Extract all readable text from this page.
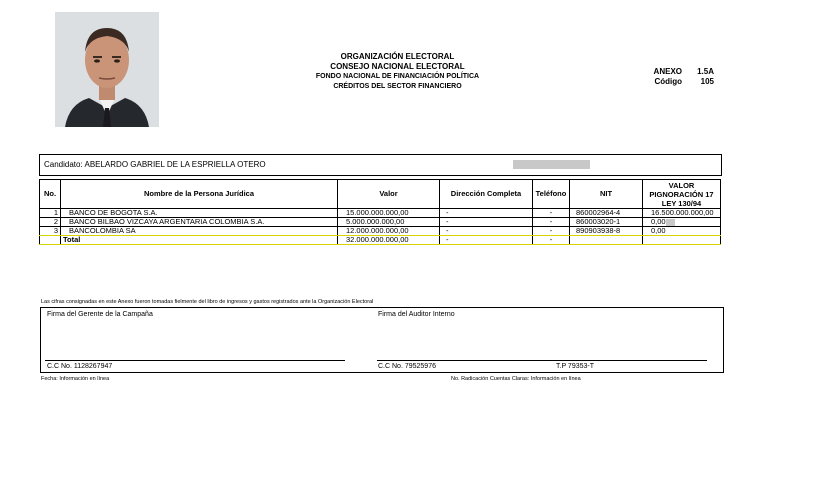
ORGANIZACIÓN ELECTORAL
CONSEJO NACIONAL ELECTORAL
FONDO NACIONAL DE FINANCIACIÓN POLÍTICA
CRÉDITOS DEL SECTOR FINANCIERO
ANEXO	1.5A
Código	105
Candidato: ABELARDO GABRIEL DE LA ESPRIELLA OTERO
No.	Nombre de la Persona Jurídica	Valor	Dirección Completa	Teléfono	NIT	VALOR PIGNORACIÓN 17 LEY 130/94
1	BANCO DE BOGOTA S.A.	15.000.000.000,00	-	-	860002964-4	16.500.000.000,00
2	BANCO BILBAO VIZCAYA ARGENTARIA COLOMBIA S.A.	5.000.000.000,00	-	-	860003020-1	0,00
3	BANCOLOMBIA SA	12.000.000.000,00	-	-	890903938-8	0,00
	Total	32.000.000.000,00	-	-		
Las cifras consignadas en este Anexo fueron tomadas fielmente del libro de ingresos y gastos registrados ante la Organización Electoral
Firma del Gerente de la Campaña	Firma del Auditor Interno
C.C No. 1128267947	C.C No. 79525976	T.P 79353-T
Fecha: Información en línea	No. Radicación Cuentas Claras: Información en línea
